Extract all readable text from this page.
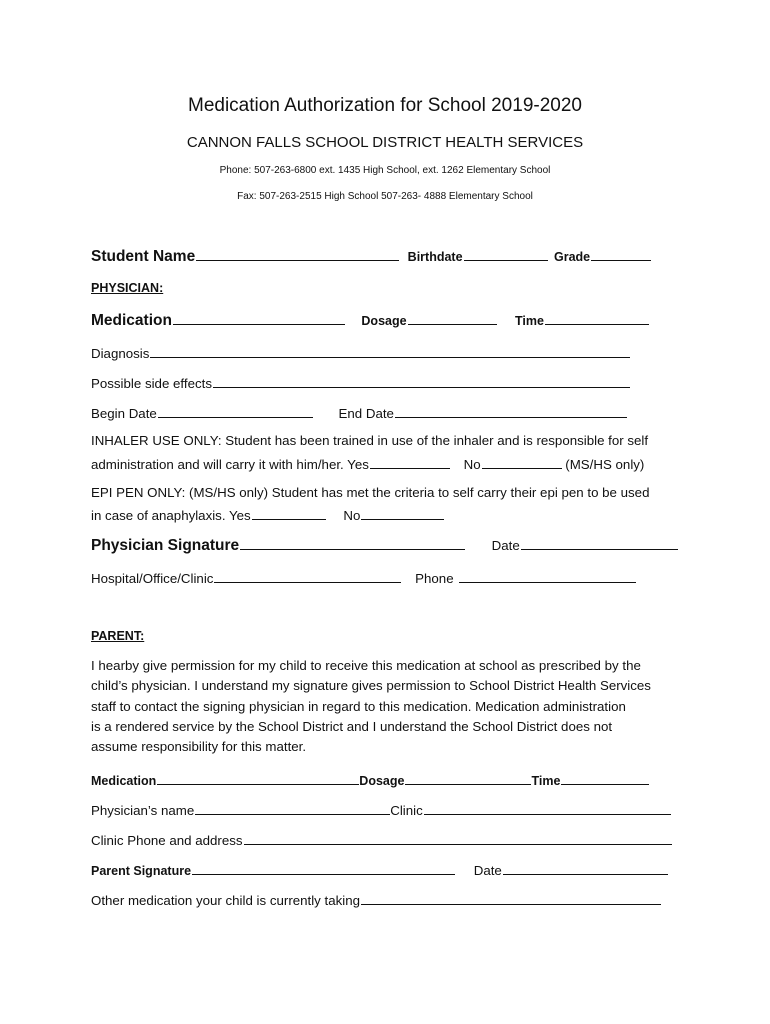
Medication Authorization for School 2019-2020
CANNON FALLS SCHOOL DISTRICT HEALTH SERVICES
Phone: 507-263-6800 ext. 1435 High School, ext. 1262 Elementary School
Fax: 507-263-2515 High School 507-263- 4888 Elementary School
Student Name	Birthdate	Grade
PHYSICIAN:
Medication	Dosage	Time
Diagnosis
Possible side effects
Begin Date	End Date
INHALER USE ONLY: Student has been trained in use of the inhaler and is responsible for self
administration and will carry it with him/her. Yes	No	(MS/HS only)
EPI PEN ONLY: (MS/HS only) Student has met the criteria to self carry their epi pen to be used
in case of anaphylaxis. Yes	No
Physician Signature	Date
Hospital/Office/Clinic	Phone
PARENT:
I hearby give permission for my child to receive this medication at school as prescribed by the
child’s physician. I understand my signature gives permission to School District Health Services
staff to contact the signing physician in regard to this medication. Medication administration
is a rendered service by the School District and I understand the School District does not
assume responsibility for this matter.
Medication	Dosage	Time
Physician’s name	Clinic
Clinic Phone and address
Parent Signature	Date
Other medication your child is currently taking
